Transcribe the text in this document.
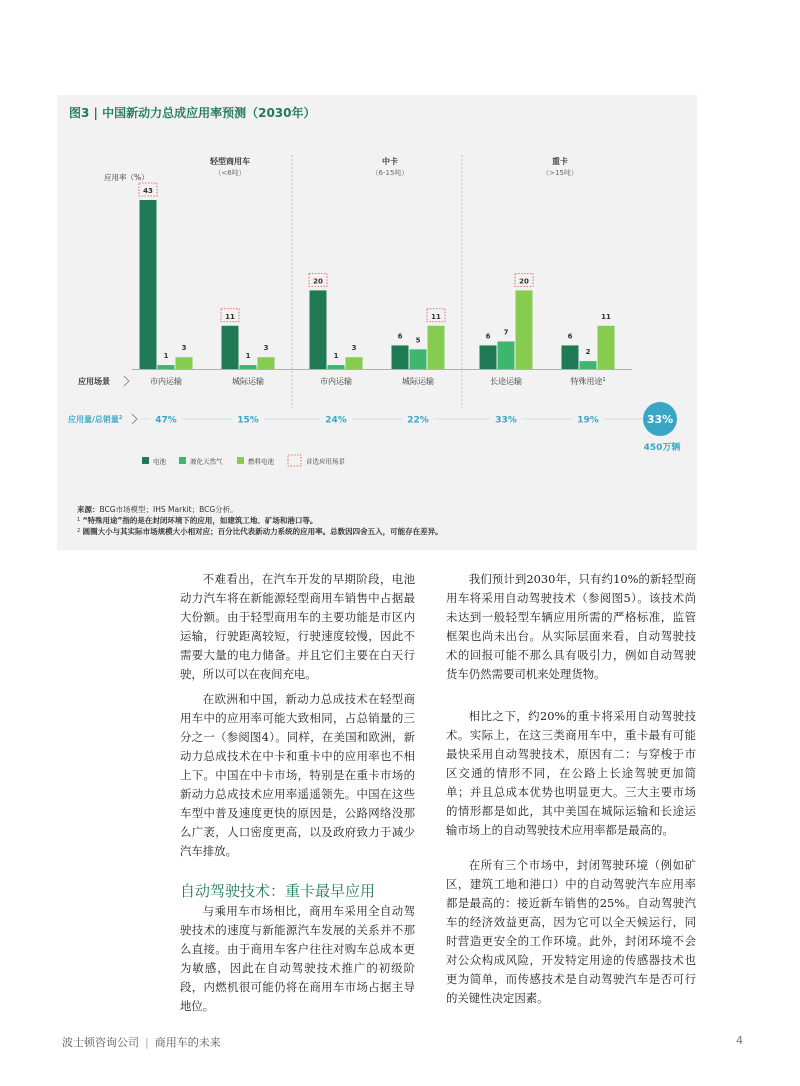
图3 | 中国新动力总成应用率预测（2030年）
轻型商用车
（<6吨）
中卡
（6-15吨）
重卡
（>15吨）
应用率（%）
43
1
3
市内运输
11
1
3
城际运输
20
1
3
市内运输
6 5
11
城际运输
6 7
20
长途运输
6
2
11
特殊用途$^1$
应用场景
应用量/总销量$^2$	47%	15%	24%	22%	33%	19%	33%
450万辆
电池	液化天然气	燃料电池	首选应用场景
来源：BCG市场模型；IHS Markit；BCG分析。
$^1$ “特殊用途”指的是在封闭环境下的应用，如建筑工地、矿场和港口等。
$^2$ 圆圈大小与其实际市场规模大小相对应；百分比代表新动力系统的应用率。总数因四舍五入，可能存在差异。

不难看出，在汽车开发的早期阶段，电池动力汽车将在新能源轻型商用车销售中占据最大份额。由于轻型商用车的主要功能是市区内运输，行驶距离较短，行驶速度较慢，因此不需要大量的电力储备。并且它们主要在白天行驶，所以可以在夜间充电。

在欧洲和中国，新动力总成技术在轻型商用车中的应用率可能大致相同，占总销量的三分之一（参阅图4）。同样，在美国和欧洲，新动力总成技术在中卡和重卡中的应用率也不相上下。中国在中卡市场，特别是在重卡市场的新动力总成技术应用率遥遥领先。中国在这些车型中普及速度更快的原因是，公路网络没那么广袤，人口密度更高，以及政府致力于减少汽车排放。

自动驾驶技术：重卡最早应用

与乘用车市场相比，商用车采用全自动驾驶技术的速度与新能源汽车发展的关系并不那么直接。由于商用车客户往往对购车总成本更为敏感，因此在自动驾驶技术推广的初级阶段，内燃机很可能仍将在商用车市场占据主导地位。

我们预计到2030年，只有约10%的新轻型商用车将采用自动驾驶技术（参阅图5）。该技术尚未达到一般轻型车辆应用所需的严格标准，监管框架也尚未出台。从实际层面来看，自动驾驶技术的回报可能不那么具有吸引力，例如自动驾驶货车仍然需要司机来处理货物。

相比之下，约20%的重卡将采用自动驾驶技术。实际上，在这三类商用车中，重卡最有可能最快采用自动驾驶技术，原因有二：与穿梭于市区交通的情形不同，在公路上长途驾驶更加简单；并且总成本优势也明显更大。三大主要市场的情形都是如此，其中美国在城际运输和长途运输市场上的自动驾驶技术应用率都是最高的。

在所有三个市场中，封闭驾驶环境（例如矿区，建筑工地和港口）中的自动驾驶汽车应用率都是最高的：接近新车销售的25%。自动驾驶汽车的经济效益更高，因为它可以全天候运行，同时营造更安全的工作环境。此外，封闭环境不会对公众构成风险，开发特定用途的传感器技术也更为简单，而传感技术是自动驾驶汽车是否可行的关键性决定因素。

波士顿咨询公司 | 商用车的未来	4
